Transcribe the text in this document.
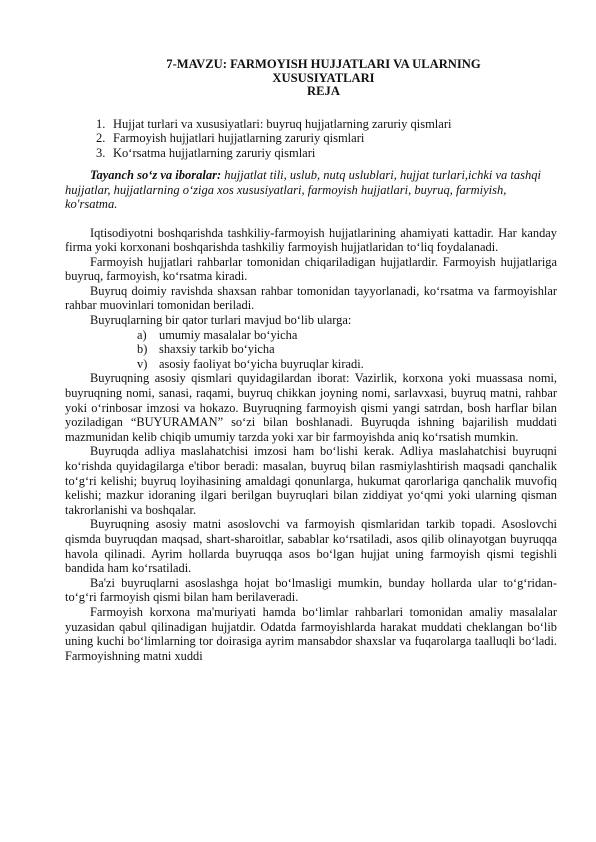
7-MAVZU: FARMOYISH HUJJATLARI VA ULARNING

XUSUSIYATLARI

REJA

1. Hujjat turlari va xususiyatlari: buyruq hujjatlarning zaruriy qismlari
2. Farmoyish hujjatlari hujjatlarning zaruriy qismlari
3. Ko‘rsatma hujjatlarning zaruriy qismlari

Tayanch so‘z va iboralar: hujjatlat tili, uslub, nutq uslublari, hujjat turlari,ichki va tashqi hujjatlar, hujjatlarning o‘ziga xos xususiyatlari, farmoyish hujjatlari, buyruq, farmiyish, ko'rsatma.

Iqtisodiyotni boshqarishda tashkiliy-farmoyish hujjatlarining ahamiyati kattadir. Har kanday firma yoki korxonani boshqarishda tashkiliy farmoyish hujjatlaridan to‘liq foydalanadi.

Farmoyish hujjatlari rahbarlar tomonidan chiqariladigan hujjatlardir. Farmoyish hujjatlariga buyruq, farmoyish, ko‘rsatma kiradi.

Buyruq doimiy ravishda shaxsan rahbar tomonidan tayyorlanadi, ko‘rsatma va farmoyishlar rahbar muovinlari tomonidan beriladi.

Buyruqlarning bir qator turlari mavjud bo‘lib ularga:

a) umumiy masalalar bo‘yicha
b) shaxsiy tarkib bo‘yicha
v) asosiy faoliyat bo‘yicha buyruqlar kiradi.

Buyruqning asosiy qismlari quyidagilardan iborat: Vazirlik, korxona yoki muassasa nomi, buyruqning nomi, sanasi, raqami, buyruq chikkan joyning nomi, sarlavxasi, buyruq matni, rahbar yoki o‘rinbosar imzosi va hokazo. Buyruqning farmoyish qismi yangi satrdan, bosh harflar bilan yoziladigan “BUYURAMAN” so‘zi bilan boshlanadi. Buyruqda ishning bajarilish muddati mazmunidan kelib chiqib umumiy tarzda yoki xar bir farmoyishda aniq ko‘rsatish mumkin.

Buyruqda adliya maslahatchisi imzosi ham bo‘lishi kerak. Adliya maslahatchisi buyruqni ko‘rishda quyidagilarga e'tibor beradi: masalan, buyruq bilan rasmiylashtirish maqsadi qanchalik to‘g‘ri kelishi; buyruq loyihasining amaldagi qonunlarga, hukumat qarorlariga qanchalik muvofiq kelishi; mazkur idoraning ilgari berilgan buyruqlari bilan ziddiyat yo‘qmi yoki ularning qisman takrorlanishi va boshqalar.

Buyruqning asosiy matni asoslovchi va farmoyish qismlaridan tarkib topadi. Asoslovchi qismda buyruqdan maqsad, shart-sharoitlar, sabablar ko‘rsatiladi, asos qilib olinayotgan buyruqqa havola qilinadi. Ayrim hollarda buyruqqa asos bo‘lgan hujjat uning farmoyish qismi tegishli bandida ham ko‘rsatiladi.

Ba'zi buyruqlarni asoslashga hojat bo‘lmasligi mumkin, bunday hollarda ular to‘g‘ridan-to‘g‘ri farmoyish qismi bilan ham berilaveradi.

Farmoyish korxona ma'muriyati hamda bo‘limlar rahbarlari tomonidan amaliy masalalar yuzasidan qabul qilinadigan hujjatdir. Odatda farmoyishlarda harakat muddati cheklangan bo‘lib uning kuchi bo‘limlarning tor doirasiga ayrim mansabdor shaxslar va fuqarolarga taalluqli bo‘ladi. Farmoyishning matni xuddi
